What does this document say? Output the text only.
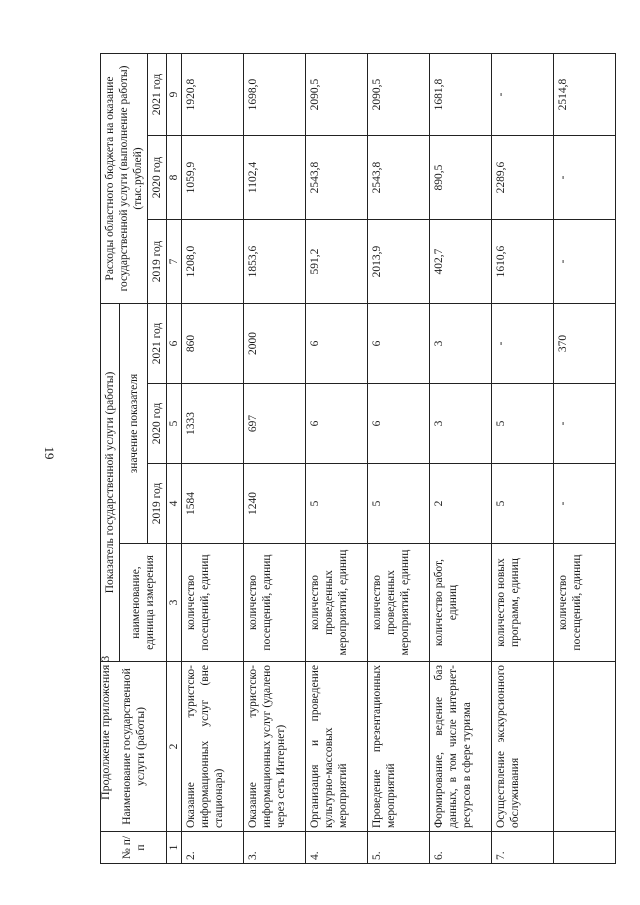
19
Продолжение приложения 3
№ п/п	Наименование государственной услуги (работы)	Показатель государственной услуги (работы)				Расходы областного бюджета на оказание государственной услуги (выполнение работы) (тыс.рублей)		
		наименование, единица измерения	значение показателя					
			2019 год	2020 год	2021 год	2019 год	2020 год	2021 год
1	2	3	4	5	6	7	8	9
2.	Оказание туристско-информационных услуг (вне стационара)	количество посещений, единиц	1584	1333	860	1208,0	1059,9	1920,8
3.	Оказание туристско-информационных услуг (удалено через сеть Интернет)	количество посещений, единиц	1240	697	2000	1853,6	1102,4	1698,0
4.	Организация и проведение культурно-массовых мероприятий	количество проведенных мероприятий, единиц	5	6	6	591,2	2543,8	2090,5
5.	Проведение презентационных мероприятий	количество проведенных мероприятий, единиц	5	6	6	2013,9	2543,8	2090,5
6.	Формирование, ведение баз данных, в том числе интернет-ресурсов в сфере туризма	количество работ, единиц	2	3	3	402,7	890,5	1681,8
7.	Осуществление экскурсионного обслуживания	количество новых программ, единиц	5	5	-	1610,6	2289,6	-
		количество посещений, единиц	-	-	370	-	-	2514,8
